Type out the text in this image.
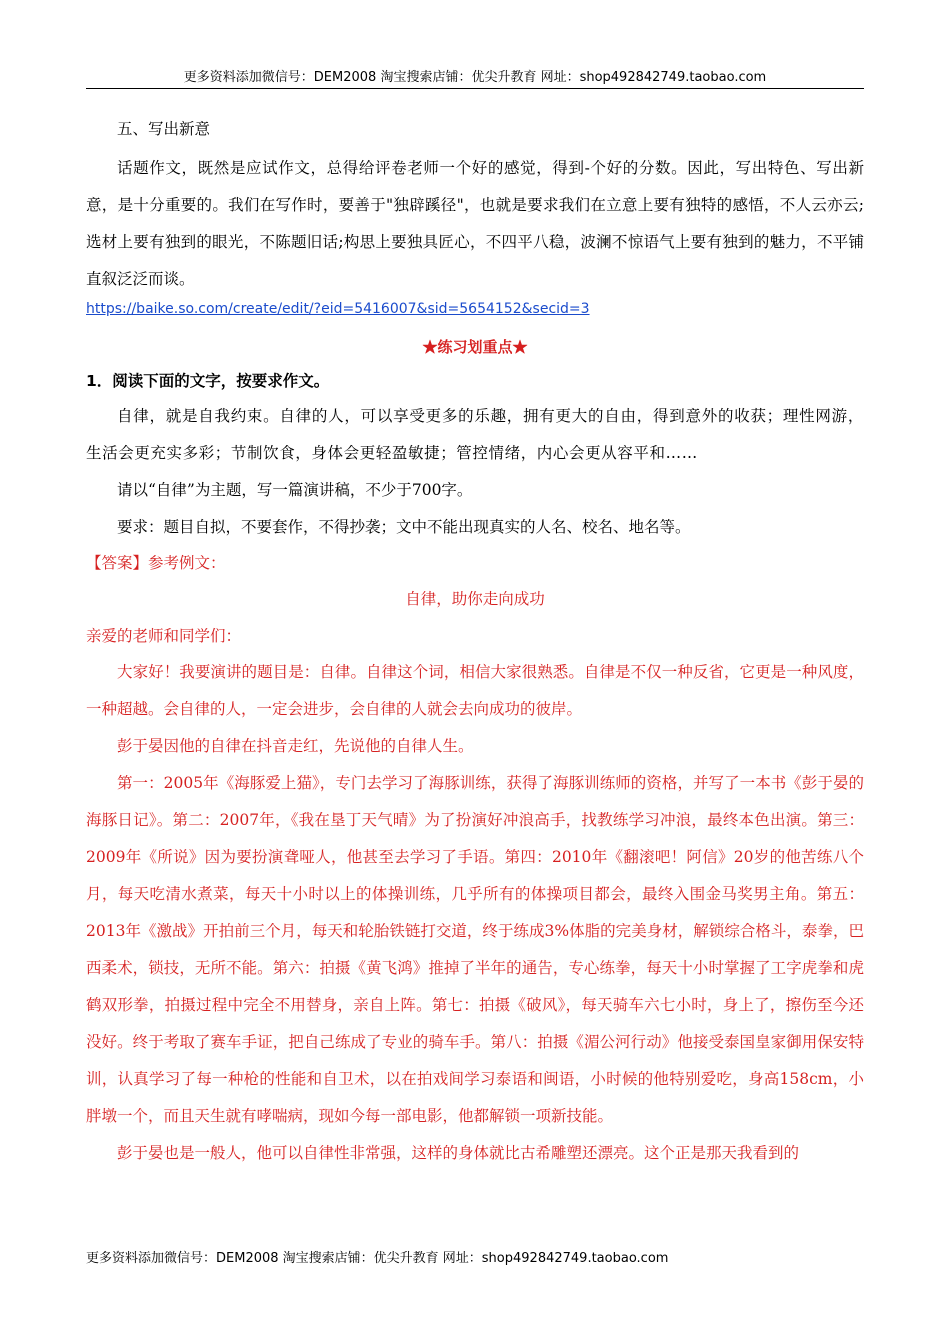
更多资料添加微信号：DEM2008 淘宝搜索店铺：优尖升教育 网址：shop492842749.taobao.com

五、写出新意

话题作文，既然是应试作文，总得给评卷老师一个好的感觉，得到-个好的分数。因此，写出特色、写出新意，是十分重要的。我们在写作时，要善于"独辟蹊径"，也就是要求我们在立意上要有独特的感悟，不人云亦云;选材上要有独到的眼光，不陈题旧话;构思上要独具匠心，不四平八稳，波澜不惊语气上要有独到的魅力，不平铺直叙泛泛而谈。

https://baike.so.com/create/edit/?eid=5416007&sid=5654152&secid=3
★练习划重点★
1．阅读下面的文字，按要求作文。

自律，就是自我约束。自律的人，可以享受更多的乐趣，拥有更大的自由，得到意外的收获；理性网游，生活会更充实多彩；节制饮食，身体会更轻盈敏捷；管控情绪，内心会更从容平和……

请以“自律”为主题，写一篇演讲稿，不少于700字。

要求：题目自拟，不要套作，不得抄袭；文中不能出现真实的人名、校名、地名等。

【答案】参考例文：
自律，助你走向成功
亲爱的老师和同学们：

大家好！我要演讲的题目是：自律。自律这个词，相信大家很熟悉。自律是不仅一种反省，它更是一种风度，一种超越。会自律的人，一定会进步，会自律的人就会去向成功的彼岸。

彭于晏因他的自律在抖音走红，先说他的自律人生。

第一：2005年《海豚爱上猫》，专门去学习了海豚训练，获得了海豚训练师的资格，并写了一本书《彭于晏的海豚日记》。第二：2007年，《我在垦丁天气晴》为了扮演好冲浪高手，找教练学习冲浪，最终本色出演。第三：2009年《所说》因为要扮演聋哑人，他甚至去学习了手语。第四：2010年《翻滚吧！阿信》20岁的他苦练八个月，每天吃清水煮菜，每天十小时以上的体操训练，几乎所有的体操项目都会，最终入围金马奖男主角。第五：2013年《激战》开拍前三个月，每天和轮胎铁链打交道，终于练成3%体脂的完美身材，解锁综合格斗，泰拳，巴西柔术，锁技，无所不能。第六：拍摄《黄飞鸿》推掉了半年的通告，专心练拳，每天十小时掌握了工字虎拳和虎鹤双形拳，拍摄过程中完全不用替身，亲自上阵。第七：拍摄《破风》，每天骑车六七小时，身上了，擦伤至今还没好。终于考取了赛车手证，把自己练成了专业的骑车手。第八：拍摄《湄公河行动》他接受泰国皇家御用保安特训，认真学习了每一种枪的性能和自卫术，以在拍戏间学习泰语和闽语，小时候的他特别爱吃，身高158cm，小胖墩一个，而且天生就有哮喘病，现如今每一部电影，他都解锁一项新技能。

彭于晏也是一般人，他可以自律性非常强，这样的身体就比古希雕塑还漂亮。这个正是那天我看到的

更多资料添加微信号：DEM2008 淘宝搜索店铺：优尖升教育 网址：shop492842749.taobao.com
